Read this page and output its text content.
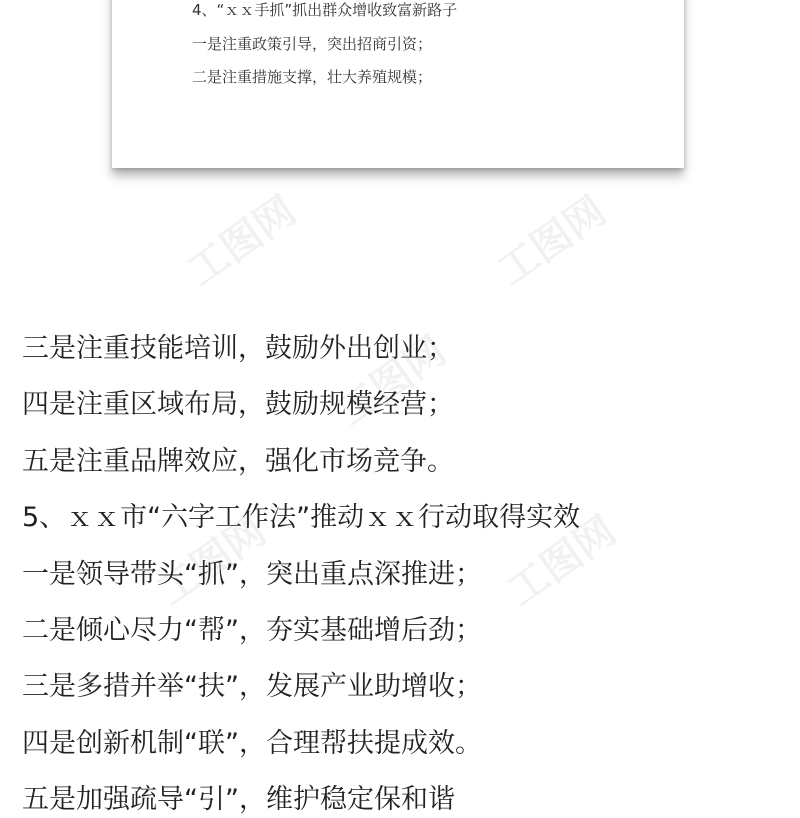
4、“ｘｘ手抓”抓出群众增收致富新路子
一是注重政策引导，突出招商引资；
二是注重措施支撑，壮大养殖规模；
工图网	工图网
工图网
工图网	工图网
三是注重技能培训，鼓励外出创业；
四是注重区域布局，鼓励规模经营；
五是注重品牌效应，强化市场竞争。
5、ｘｘ市“六字工作法”推动ｘｘ行动取得实效
一是领导带头“抓”，突出重点深推进；
二是倾心尽力“帮”，夯实基础增后劲；
三是多措并举“扶”，发展产业助增收；
四是创新机制“联”，合理帮扶提成效。
五是加强疏导“引”，维护稳定保和谐
